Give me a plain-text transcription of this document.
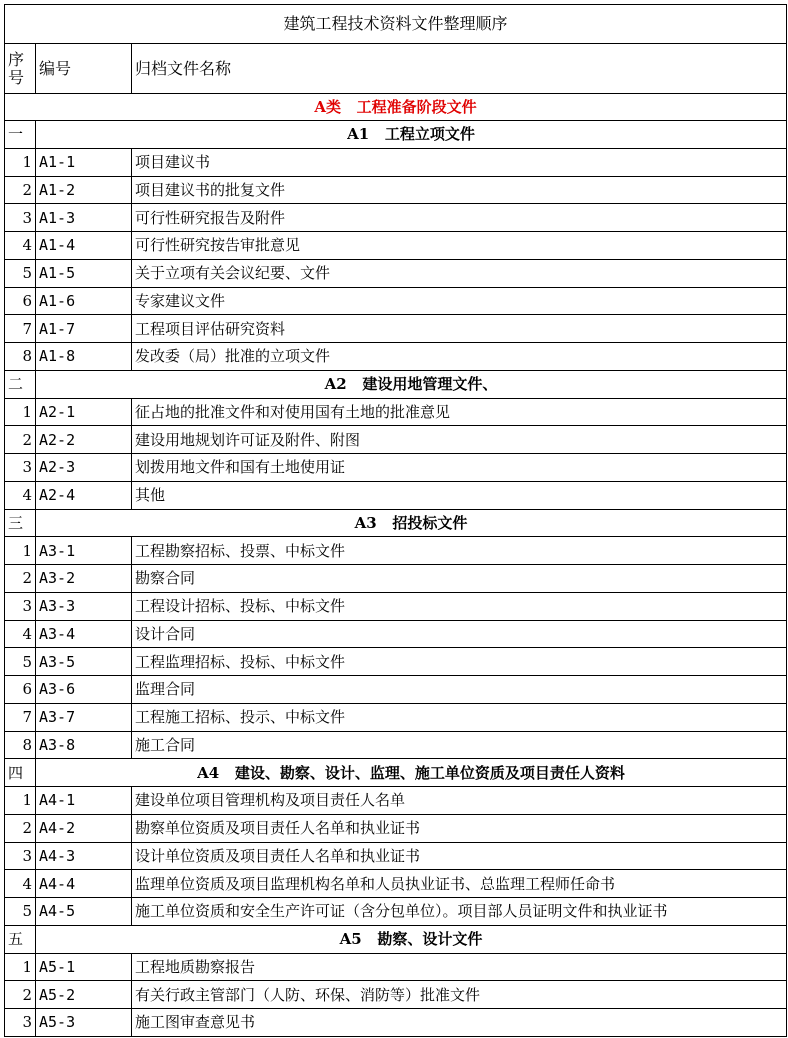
建筑工程技术资料文件整理顺序		
序
号	编号	归档文件名称
A类 工程准备阶段文件		
一	A1 工程立项文件	
1	A1-1	项目建议书
2	A1-2	项目建议书的批复文件
3	A1-3	可行性研究报告及附件
4	A1-4	可行性研究按告审批意见
5	A1-5	关于立项有关会议纪要、文件
6	A1-6	专家建议文件
7	A1-7	工程项目评估研究资料
8	A1-8	发改委（局）批准的立项文件
二	A2 建设用地管理文件、	
1	A2-1	征占地的批准文件和对使用国有土地的批准意见
2	A2-2	建设用地规划许可证及附件、附图
3	A2-3	划拨用地文件和国有土地使用证
4	A2-4	其他
三	A3 招投标文件	
1	A3-1	工程勘察招标、投票、中标文件
2	A3-2	勘察合同
3	A3-3	工程设计招标、投标、中标文件
4	A3-4	设计合同
5	A3-5	工程监理招标、投标、中标文件
6	A3-6	监理合同
7	A3-7	工程施工招标、投示、中标文件
8	A3-8	施工合同
四	A4 建设、勘察、设计、监理、施工单位资质及项目责任人资料	
1	A4-1	建设单位项目管理机构及项目责任人名单
2	A4-2	勘察单位资质及项目责任人名单和执业证书
3	A4-3	设计单位资质及项目责任人名单和执业证书
4	A4-4	监理单位资质及项目监理机构名单和人员执业证书、总监理工程师任命书
5	A4-5	施工单位资质和安全生产许可证（含分包单位）。项目部人员证明文件和执业证书
五	A5 勘察、设计文件	
1	A5-1	工程地质勘察报告
2	A5-2	有关行政主管部门（人防、环保、消防等）批准文件
3	A5-3	施工图审查意见书
